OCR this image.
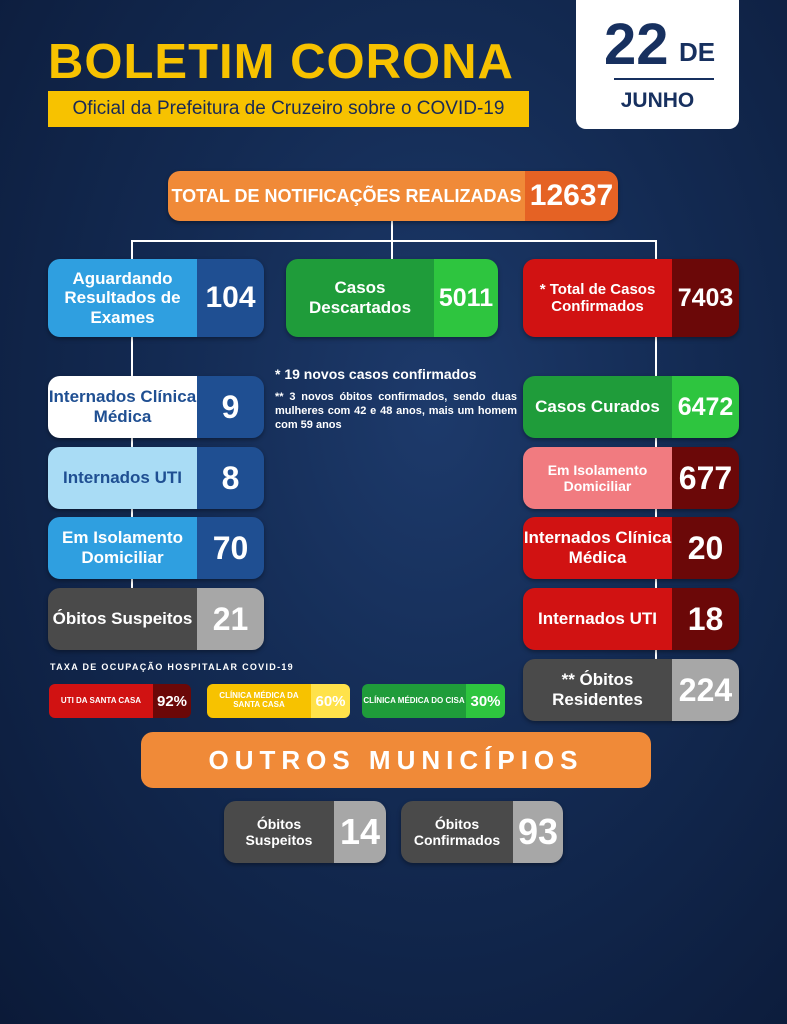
BOLETIM CORONA
Oficial da Prefeitura de Cruzeiro sobre o COVID-19
22 DE
JUNHO
TOTAL DE NOTIFICAÇÕES REALIZADAS 12637
Aguardando Resultados de Exames
104
Internados Clínica Médica	9
Internados UTI	8
Em Isolamento Domiciliar	70
Óbitos Suspeitos 21
Casos Descartados	5011
* 19 novos casos confirmados
** 3 novos óbitos confirmados, sendo duas mulheres com 42 e 48 anos, mais um homem com 59 anos
* Total de Casos Confirmados	7403
Casos Curados 6472
Em Isolamento Domiciliar	677
Internados Clínica Médica	20
Internados UTI 18
** Óbitos Residentes	224
TAXA DE OCUPAÇÃO HOSPITALAR COVID-19
UTI DA SANTA CASA	92%	CLÍNICA MÉDICA DA SANTA CASA	60%	CLÍNICA MÉDICA DO CISA 30%
OUTROS MUNICÍPIOS
Óbitos Suspeitos 14	Óbitos Confirmados 93
